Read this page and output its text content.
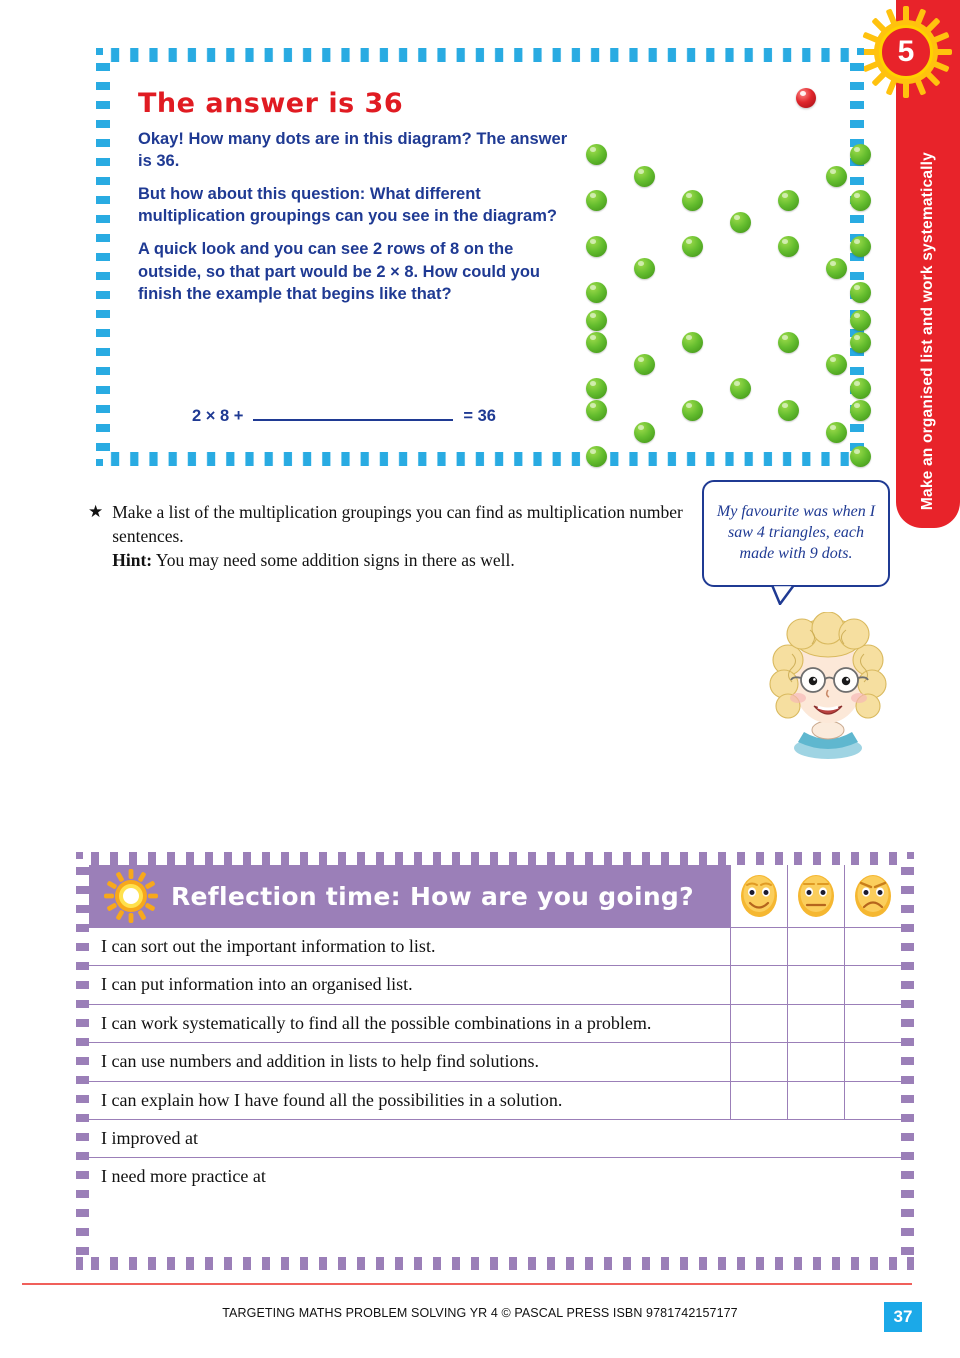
Make an organised list and work systematically
5
The answer is 36

Okay! How many dots are in this diagram? The answer is 36.

But how about this question: What different multiplication groupings can you see in the diagram?

A quick look and you can see 2 rows of 8 on the outside, so that part would be 2 × 8. How could you finish the example that begins like that?

2 × 8 +	= 36
★ Make a list of the multiplication groupings you can find as multiplication number sentences.
Hint: You may need some addition signs in there as well.
My favourite was when I saw 4 triangles, each made with 9 dots.
Reflection time: How are you going?
I can sort out the important information to list.
I can put information into an organised list.
I can work systematically to find all the possible combinations in a problem.
I can use numbers and addition in lists to help find solutions.
I can explain how I have found all the possibilities in a solution.
I improved at
I need more practice at
TARGETING MATHS PROBLEM SOLVING YR 4 © PASCAL PRESS ISBN 9781742157177	37
